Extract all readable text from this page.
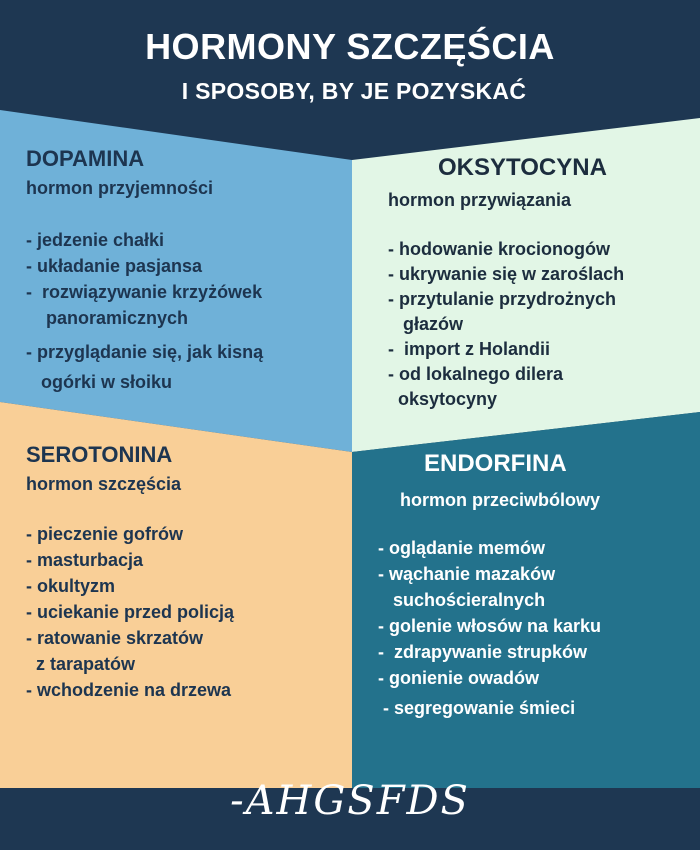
HORMONY SZCZĘŚCIA
I SPOSOBY, BY JE POZYSKAĆ

DOPAMINA

hormon przyjemności

- jedzenie chałki
- układanie pasjansa
-  rozwiązywanie krzyżówek
panoramicznych
- przyglądanie się, jak kisną
ogórki w słoiku

OKSYTOCYNA

hormon przywiązania

- hodowanie krocionogów
- ukrywanie się w zaroślach
- przytulanie przydrożnych
głazów
-  import z Holandii
- od lokalnego dilera
oksytocyny

SEROTONINA

hormon szczęścia

- pieczenie gofrów
- masturbacja
- okultyzm
- uciekanie przed policją
- ratowanie skrzatów
z tarapatów
- wchodzenie na drzewa

ENDORFINA

hormon przeciwbólowy

- oglądanie memów
- wąchanie mazaków
suchościeralnych
- golenie włosów na karku
-  zdrapywanie strupków
- gonienie owadów
- segregowanie śmieci
-AHGSFDS
